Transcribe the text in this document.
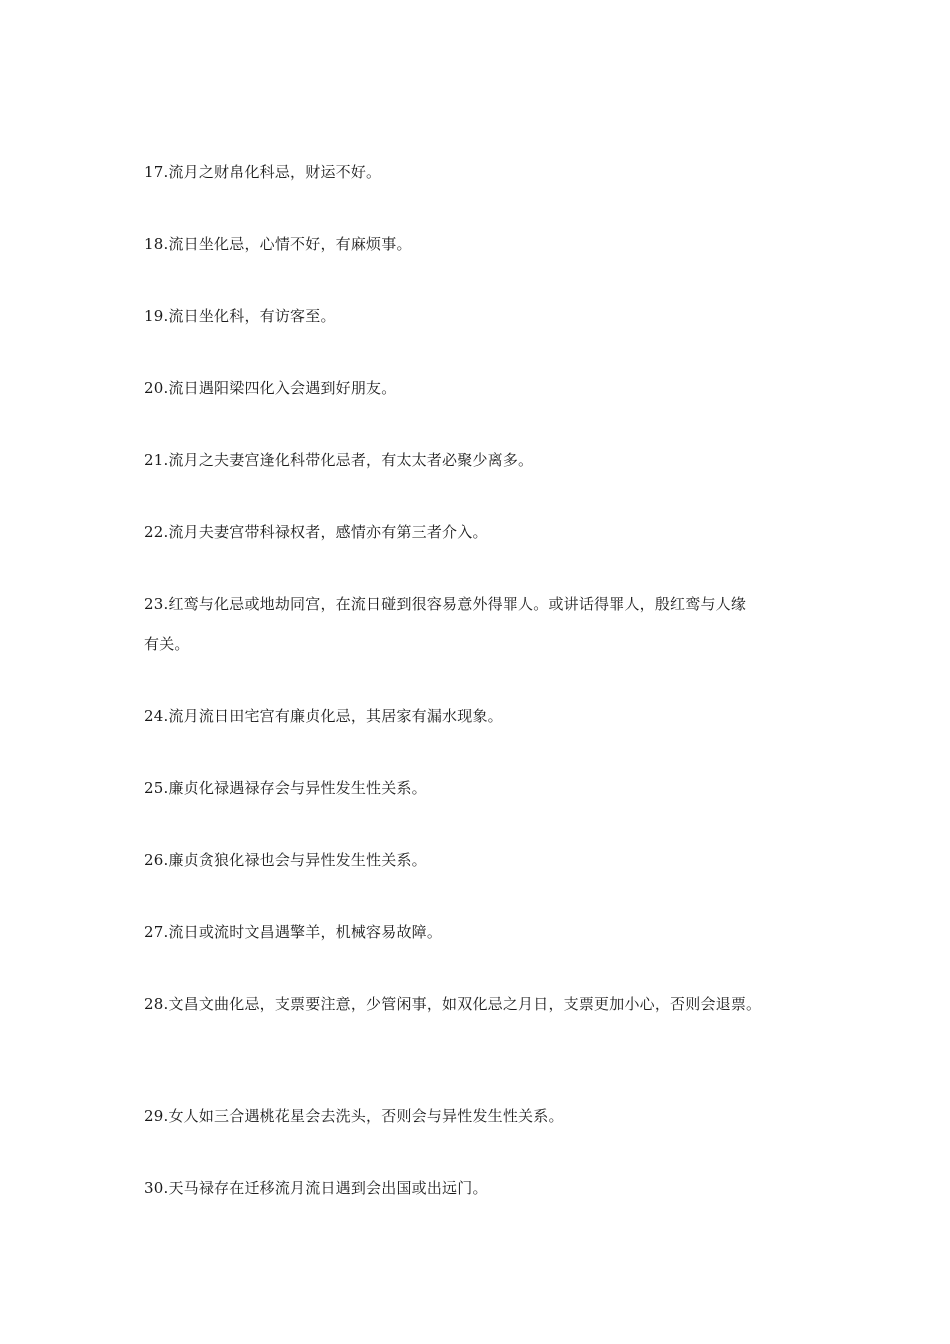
17.流月之财帛化科忌，财运不好。
18.流日坐化忌，心情不好，有麻烦事。
19.流日坐化科，有访客至。
20.流日遇阳梁四化入会遇到好朋友。
21.流月之夫妻宫逢化科带化忌者，有太太者必聚少离多。
22.流月夫妻宫带科禄权者，感情亦有第三者介入。
23.红鸾与化忌或地劫同宫，在流日碰到很容易意外得罪人。或讲话得罪人，殷红鸾与人缘
有关。
24.流月流日田宅宫有廉贞化忌，其居家有漏水现象。
25.廉贞化禄遇禄存会与异性发生性关系。
26.廉贞贪狼化禄也会与异性发生性关系。
27.流日或流时文昌遇擎羊，机械容易故障。
28.文昌文曲化忌，支票要注意，少管闲事，如双化忌之月日，支票更加小心，否则会退票。
29.女人如三合遇桃花星会去洗头，否则会与异性发生性关系。
30.天马禄存在迁移流月流日遇到会出国或出远门。
